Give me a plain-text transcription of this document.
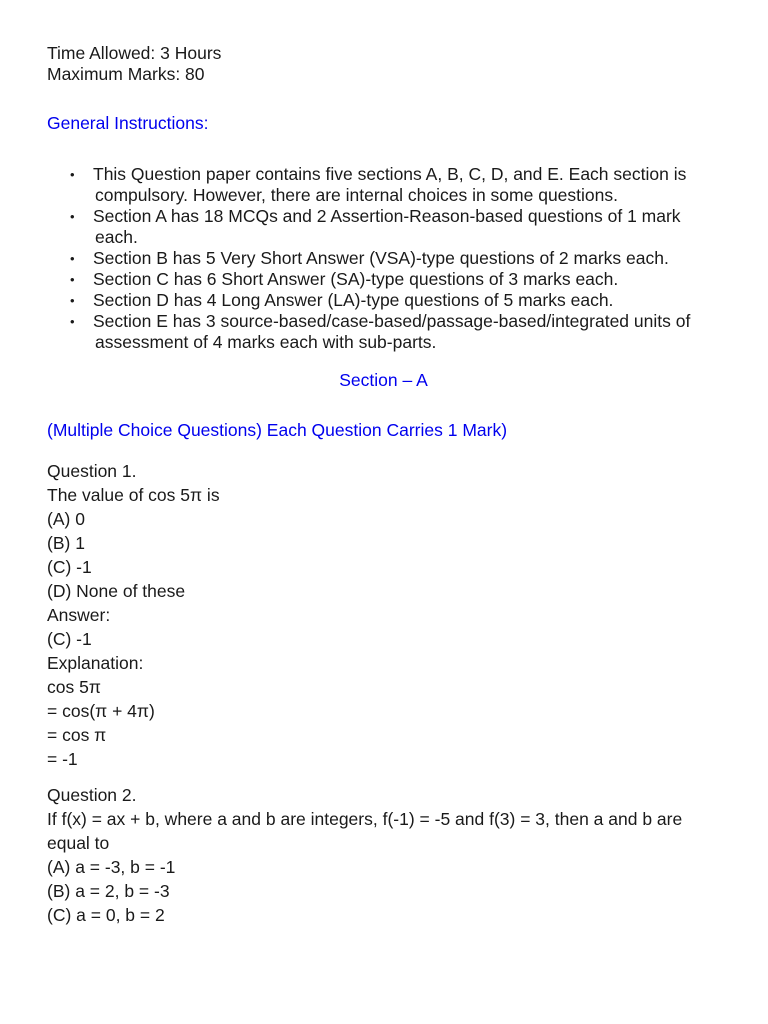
Time Allowed: 3 Hours

Maximum Marks: 80

General Instructions:

• This Question paper contains five sections A, B, C, D, and E. Each section is compulsory. However, there are internal choices in some questions.
• Section A has 18 MCQs and 2 Assertion-Reason-based questions of 1 mark each.
• Section B has 5 Very Short Answer (VSA)-type questions of 2 marks each.
• Section C has 6 Short Answer (SA)-type questions of 3 marks each.
• Section D has 4 Long Answer (LA)-type questions of 5 marks each.
• Section E has 3 source-based/case-based/passage-based/integrated units of assessment of 4 marks each with sub-parts.

Section – A

(Multiple Choice Questions) Each Question Carries 1 Mark)

Question 1.

The value of cos 5π is

(A) 0

(B) 1

(C) -1

(D) None of these

Answer:

(C) -1

Explanation:

cos 5π

= cos(π + 4π)

= cos π

= -1

Question 2.

If f(x) = ax + b, where a and b are integers, f(-1) = -5 and f(3) = 3, then a and b are equal to

(A) a = -3, b = -1

(B) a = 2, b = -3

(C) a = 0, b = 2
